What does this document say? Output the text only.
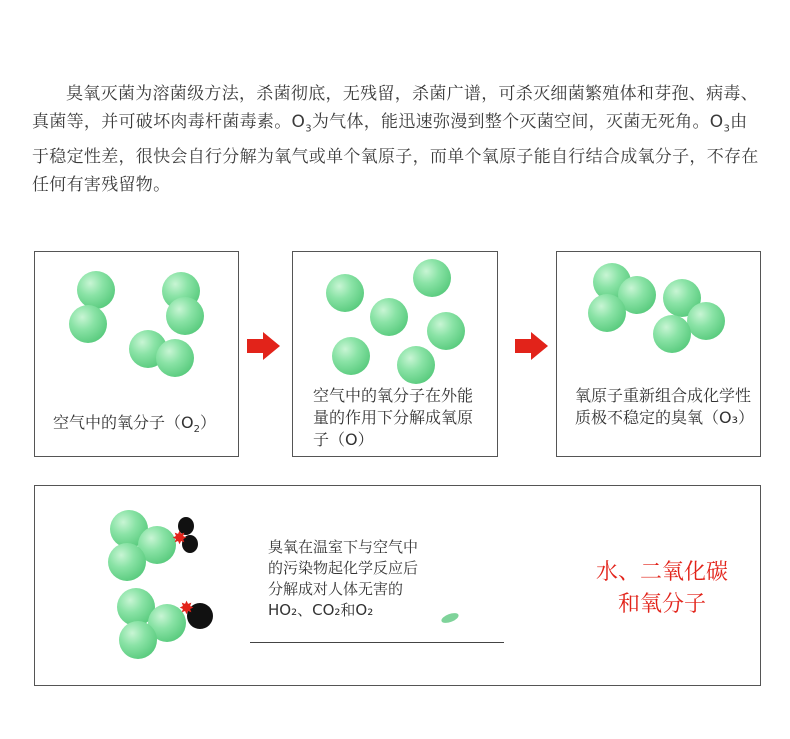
臭氧灭菌为溶菌级方法，杀菌彻底，无残留，杀菌广谱，可杀灭细菌繁殖体和芽孢、病毒、真菌等，并可破坏肉毒杆菌毒素。$O_3$为气体，能迅速弥漫到整个灭菌空间，灭菌无死角。$O_3$由于稳定性差，很快会自行分解为氧气或单个氧原子，而单个氧原子能自行结合成氧分子，不存在任何有害残留物。
空气中的氧分子$(O_2)$
空气中的氧分子在外能量的作用下分解成氧原子（O）
氧原子重新组合成化学性质极不稳定的臭氧（O₃）
✸
✸
臭氧在温室下与空气中
的污染物起化学反应后
分解成对人体无害的
HO₂、CO₂和O₂
水、二氧化碳
和氧分子
